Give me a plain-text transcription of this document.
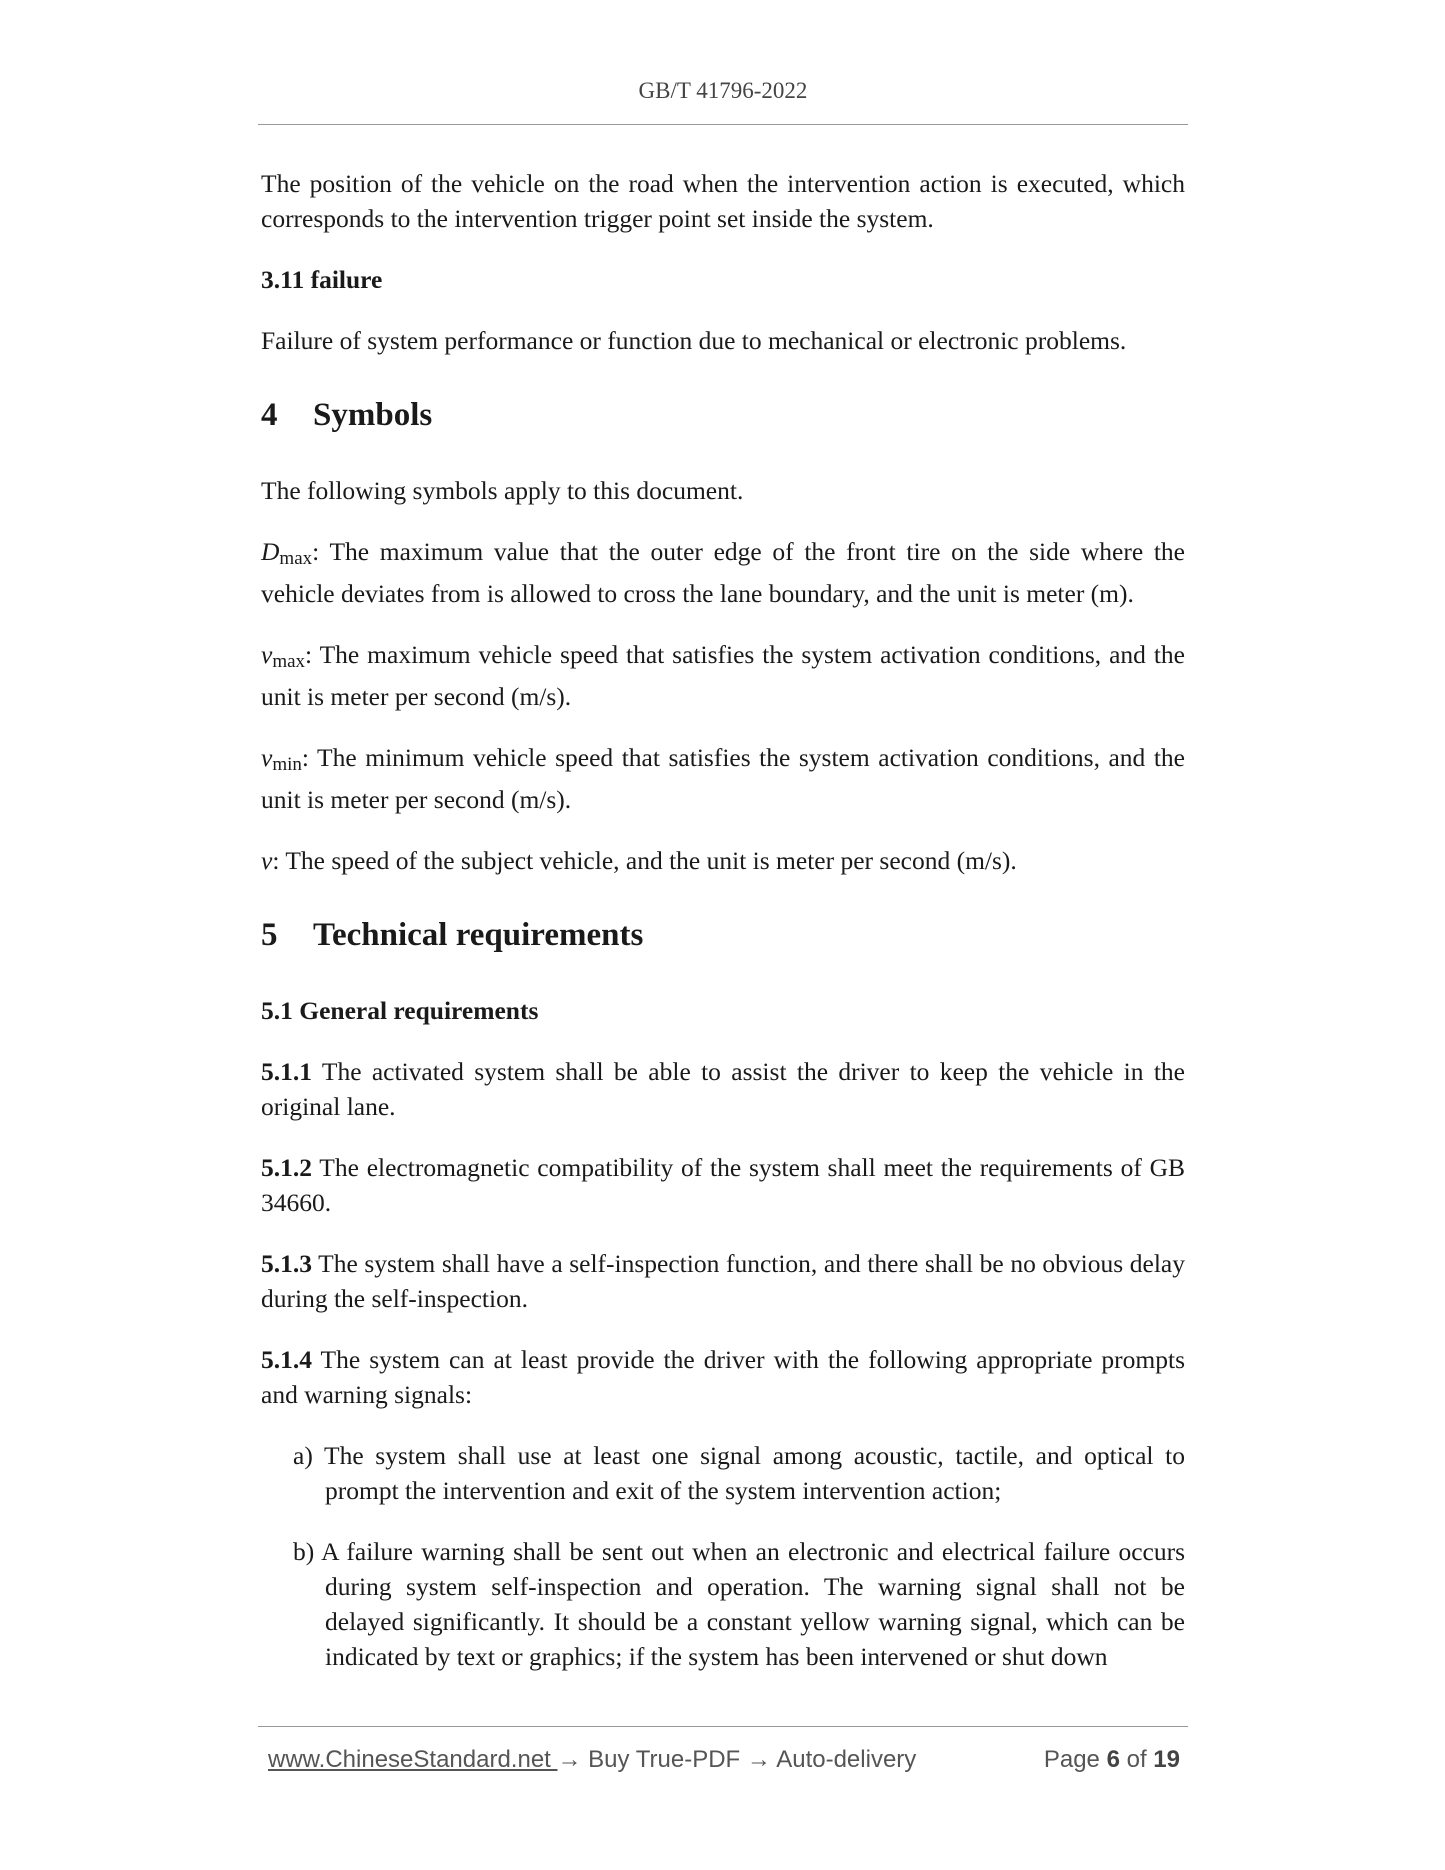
GB/T 41796-2022

The position of the vehicle on the road when the intervention action is executed, which corresponds to the intervention trigger point set inside the system.

3.11 failure

Failure of system performance or function due to mechanical or electronic problems.

4 Symbols

The following symbols apply to this document.

$D_{max}$: The maximum value that the outer edge of the front tire on the side where the vehicle deviates from is allowed to cross the lane boundary, and the unit is meter (m).

$v_{max}$: The maximum vehicle speed that satisfies the system activation conditions, and the unit is meter per second (m/s).

$v_{min}$: The minimum vehicle speed that satisfies the system activation conditions, and the unit is meter per second (m/s).

v: The speed of the subject vehicle, and the unit is meter per second (m/s).

5 Technical requirements
5.1 General requirements

5.1.1 The activated system shall be able to assist the driver to keep the vehicle in the original lane.

5.1.2 The electromagnetic compatibility of the system shall meet the requirements of GB 34660.

5.1.3 The system shall have a self-inspection function, and there shall be no obvious delay during the self-inspection.

5.1.4 The system can at least provide the driver with the following appropriate prompts and warning signals:

a) The system shall use at least one signal among acoustic, tactile, and optical to prompt the intervention and exit of the system intervention action;

b) A failure warning shall be sent out when an electronic and electrical failure occurs during system self-inspection and operation. The warning signal shall not be delayed significantly. It should be a constant yellow warning signal, which can be indicated by text or graphics; if the system has been intervened or shut down

www.ChineseStandard.net → Buy True-PDF → Auto-delivery	Page 6 of 19
